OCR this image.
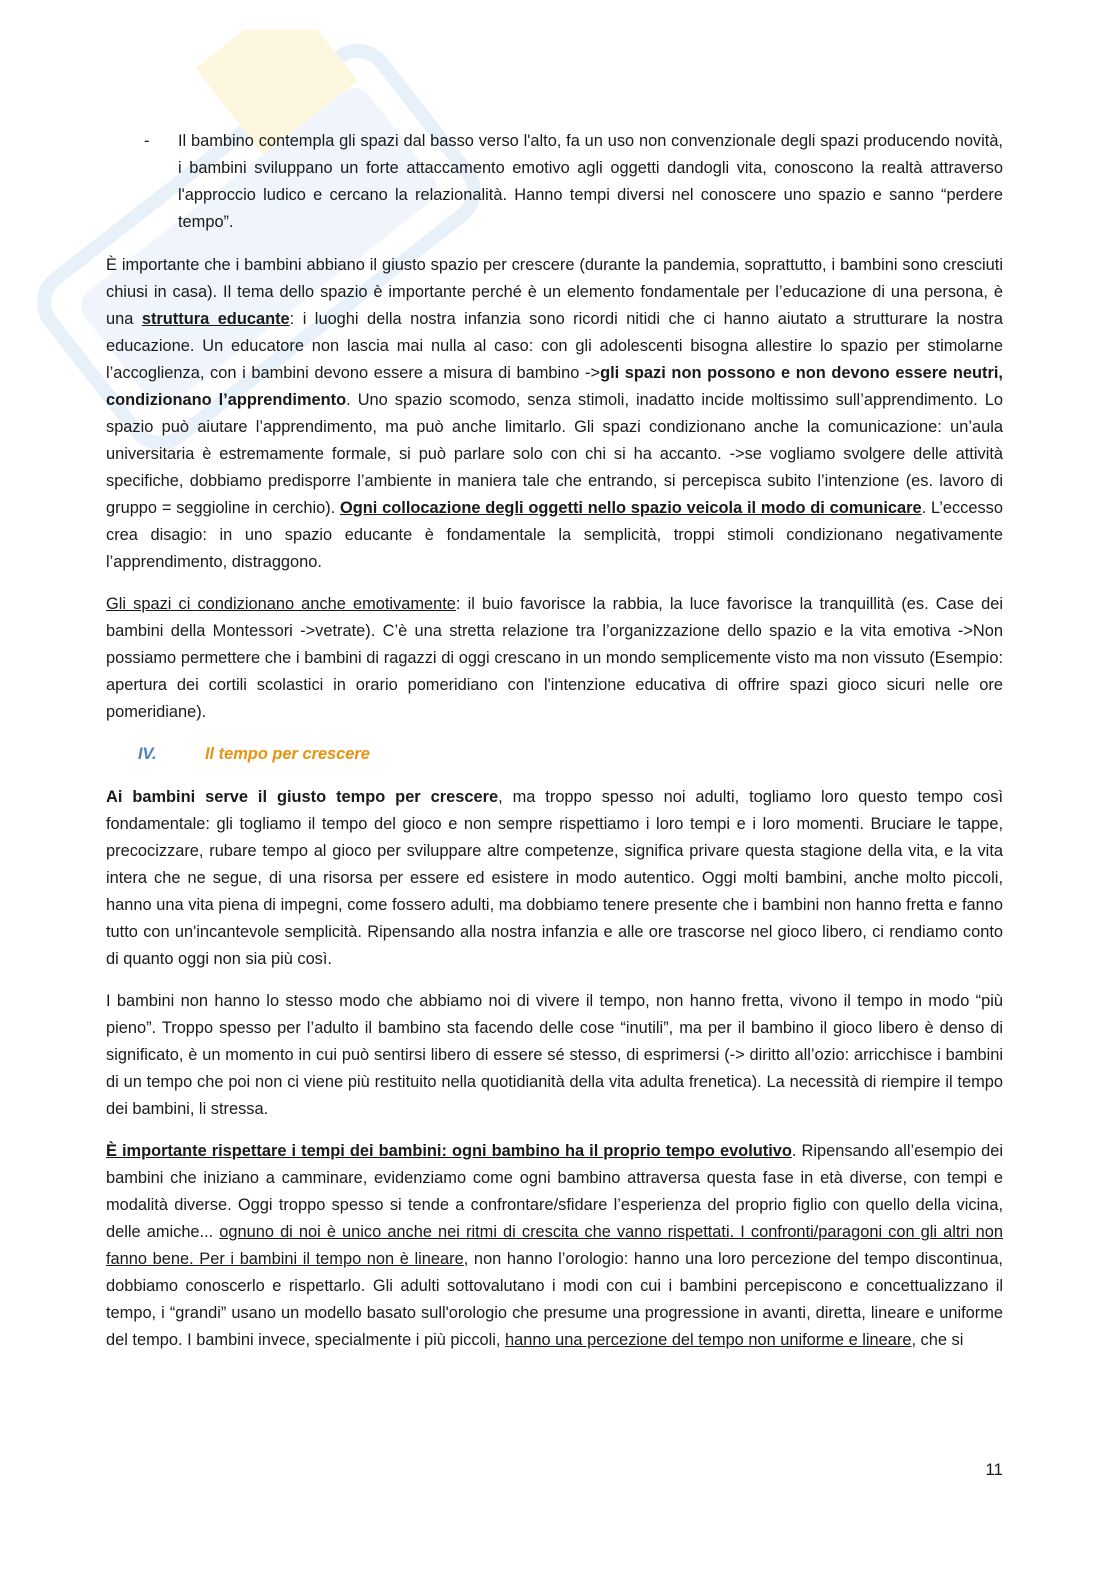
-	Il bambino contempla gli spazi dal basso verso l'alto, fa un uso non convenzionale degli spazi producendo novità, i bambini sviluppano un forte attaccamento emotivo agli oggetti dandogli vita, conoscono la realtà attraverso l'approccio ludico e cercano la relazionalità. Hanno tempi diversi nel conoscere uno spazio e sanno “perdere tempo”.

È importante che i bambini abbiano il giusto spazio per crescere (durante la pandemia, soprattutto, i bambini sono cresciuti chiusi in casa). Il tema dello spazio è importante perché è un elemento fondamentale per l’educazione di una persona, è una struttura educante: i luoghi della nostra infanzia sono ricordi nitidi che ci hanno aiutato a strutturare la nostra educazione. Un educatore non lascia mai nulla al caso: con gli adolescenti bisogna allestire lo spazio per stimolarne l’accoglienza, con i bambini devono essere a misura di bambino ->gli spazi non possono e non devono essere neutri, condizionano l’apprendimento. Uno spazio scomodo, senza stimoli, inadatto incide moltissimo sull’apprendimento. Lo spazio può aiutare l’apprendimento, ma può anche limitarlo. Gli spazi condizionano anche la comunicazione: un’aula universitaria è estremamente formale, si può parlare solo con chi si ha accanto. ->se vogliamo svolgere delle attività specifiche, dobbiamo predisporre l’ambiente in maniera tale che entrando, si percepisca subito l’intenzione (es. lavoro di gruppo = seggioline in cerchio). Ogni collocazione degli oggetti nello spazio veicola il modo di comunicare. L’eccesso crea disagio: in uno spazio educante è fondamentale la semplicità, troppi stimoli condizionano negativamente l’apprendimento, distraggono.

Gli spazi ci condizionano anche emotivamente: il buio favorisce la rabbia, la luce favorisce la tranquillità (es. Case dei bambini della Montessori ->vetrate). C’è una stretta relazione tra l’organizzazione dello spazio e la vita emotiva ->Non possiamo permettere che i bambini di ragazzi di oggi crescano in un mondo semplicemente visto ma non vissuto (Esempio: apertura dei cortili scolastici in orario pomeridiano con l'intenzione educativa di offrire spazi gioco sicuri nelle ore pomeridiane).

IV.	Il tempo per crescere

Ai bambini serve il giusto tempo per crescere, ma troppo spesso noi adulti, togliamo loro questo tempo così fondamentale: gli togliamo il tempo del gioco e non sempre rispettiamo i loro tempi e i loro momenti. Bruciare le tappe, precocizzare, rubare tempo al gioco per sviluppare altre competenze, significa privare questa stagione della vita, e la vita intera che ne segue, di una risorsa per essere ed esistere in modo autentico. Oggi molti bambini, anche molto piccoli, hanno una vita piena di impegni, come fossero adulti, ma dobbiamo tenere presente che i bambini non hanno fretta e fanno tutto con un'incantevole semplicità. Ripensando alla nostra infanzia e alle ore trascorse nel gioco libero, ci rendiamo conto di quanto oggi non sia più così.

I bambini non hanno lo stesso modo che abbiamo noi di vivere il tempo, non hanno fretta, vivono il tempo in modo “più pieno”. Troppo spesso per l’adulto il bambino sta facendo delle cose “inutili”, ma per il bambino il gioco libero è denso di significato, è un momento in cui può sentirsi libero di essere sé stesso, di esprimersi (-> diritto all’ozio: arricchisce i bambini di un tempo che poi non ci viene più restituito nella quotidianità della vita adulta frenetica). La necessità di riempire il tempo dei bambini, li stressa.

È importante rispettare i tempi dei bambini: ogni bambino ha il proprio tempo evolutivo. Ripensando all’esempio dei bambini che iniziano a camminare, evidenziamo come ogni bambino attraversa questa fase in età diverse, con tempi e modalità diverse. Oggi troppo spesso si tende a confrontare/sfidare l’esperienza del proprio figlio con quello della vicina, delle amiche... ognuno di noi è unico anche nei ritmi di crescita che vanno rispettati. I confronti/paragoni con gli altri non fanno bene. Per i bambini il tempo non è lineare, non hanno l’orologio: hanno una loro percezione del tempo discontinua, dobbiamo conoscerlo e rispettarlo. Gli adulti sottovalutano i modi con cui i bambini percepiscono e concettualizzano il tempo, i “grandi” usano un modello basato sull'orologio che presume una progressione in avanti, diretta, lineare e uniforme del tempo. I bambini invece, specialmente i più piccoli, hanno una percezione del tempo non uniforme e lineare, che si

11
